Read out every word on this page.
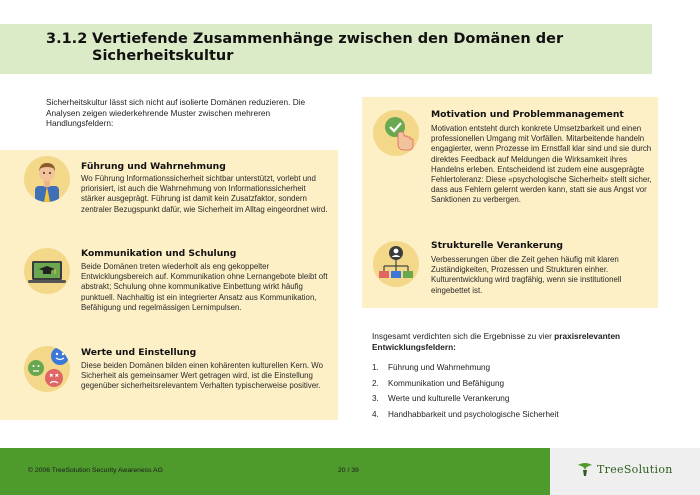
3.1.2 Vertiefende Zusammenhänge zwischen den Domänen der Sicherheitskultur

Sicherheitskultur lässt sich nicht auf isolierte Domänen reduzieren. Die Analysen zeigen wiederkehrende Muster zwischen mehreren Handlungsfeldern:

Führung und Wahrnehmung
Wo Führung Informationssicherheit sichtbar unterstützt, vorlebt und priorisiert, ist auch die Wahrnehmung von Informationssicherheit stärker ausgeprägt. Führung ist damit kein Zusatzfaktor, sondern zentraler Bezugspunkt dafür, wie Sicherheit im Alltag eingeordnet wird.
Kommunikation und Schulung
Beide Domänen treten wiederholt als eng gekoppelter Entwicklungsbereich auf. Kommunikation ohne Lernangebote bleibt oft abstrakt; Schulung ohne kommunikative Einbettung wirkt häufig punktuell. Nachhaltig ist ein integrierter Ansatz aus Kommunikation, Befähigung und regelmässigen Lernimpulsen.
Werte und Einstellung
Diese beiden Domänen bilden einen kohärenten kulturellen Kern. Wo Sicherheit als gemeinsamer Wert getragen wird, ist die Einstellung gegenüber sicherheitsrelevantem Verhalten typischerweise positiver.
Motivation und Problemmanagement
Motivation entsteht durch konkrete Umsetzbarkeit und einen professionellen Umgang mit Vorfällen. Mitarbeitende handeln engagierter, wenn Prozesse im Ernstfall klar sind und sie durch direktes Feedback auf Meldungen die Wirksamkeit ihres Handelns erleben. Entscheidend ist zudem eine ausgeprägte Fehlertoleranz: Diese «psychologische Sicherheit» stellt sicher, dass aus Fehlern gelernt werden kann, statt sie aus Angst vor Sanktionen zu verbergen.
Strukturelle Verankerung
Verbesserungen über die Zeit gehen häufig mit klaren Zuständigkeiten, Prozessen und Strukturen einher. Kulturentwicklung wird tragfähig, wenn sie institutionell eingebettet ist.

Insgesamt verdichten sich die Ergebnisse zu vier praxisrelevanten Entwicklungsfeldern:

1.	Führung und Wahrnehmung
2.	Kommunikation und Befähigung
3.	Werte und kulturelle Verankerung
4.	Handhabbarkeit und psychologische Sicherheit
© 2006 TreeSolution Security Awareness AG	20 / 39	TreeSolution
